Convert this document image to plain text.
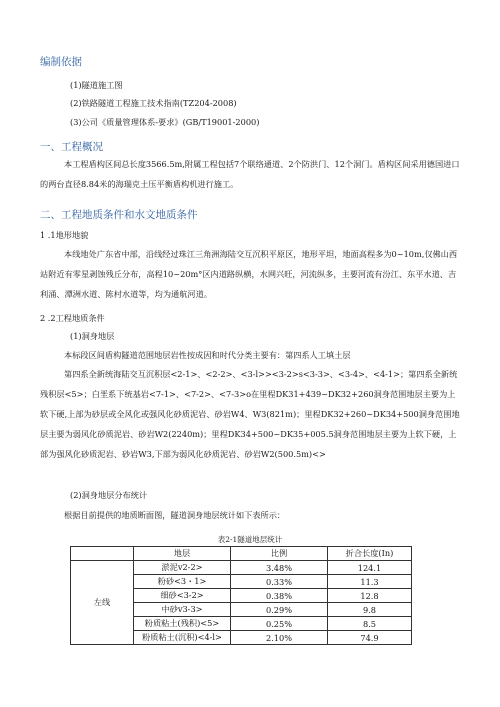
编制依据
(1)隧道施工图
(2)铁路隧道工程施工技术指南(TZ204-2008)
(3)公司《质量管理体系-要求》(GB/T19001-2000)
一、工程概况
本工程盾构区间总长度3566.5m,附属工程包括7个联络通道、2个防洪门、12个洞门。盾构区间采用德国进口的两台直径8.84米的海瑞克土压平衡盾构机进行施工。
二、工程地质条件和水文地质条件
1 .1地形地貌
本线地处广东省中部，沿线经过珠江三角洲海陆交互沉积平原区，地形平坦，地面高程多为0~10m,仅佛山西站附近有零星剥蚀残丘分布，高程10~20m°区内道路纵横，水网兴旺，河流纵多，主要河流有汾江、东平水道、吉利涌、潭洲水道、陈村水道等，均为通航河道。
2 .2工程地质条件
(1)洞身地层
本标段区间盾构隧道范围地层岩性按成因和时代分类主要有：第四系人工填土层
第四系全新统海陆交互沉积层<2-1>、<2-2>、<3-l>><3-2>s<3-3>、<3-4>、<4-1>；第四系全新统残积层<5>；白垩系下统基岩<7-1>、<7-2>、<7-3>o在里程DK31+439~DK32+260洞身范围地层主要为上软下硬,上部为砂层或全风化或强风化砂质泥岩、砂岩W4、W3(821m)；里程DK32+260~DK34+500洞身范围地层主要为弱风化砂质泥岩、砂岩W2(2240m)；里程DK34+500~DK35+005.5洞身范围地层主要为上软下硬，上部为强风化砂质泥岩、砂岩W3,下部为弱风化砂质泥岩、砂岩W2(500.5m)<>
(2)洞身地层分布统计
根据目前提供的地质断面图，隧道洞身地层统计如下表所示：
表2-1隧道地层统计
	地层	比例	折合长度(In)
左线	淤泥v2-2>	3.48%	124.1
	粉砂<3・1>	0.33%	11.3
	细砂<3-2>	0.38%	12.8
	中砂v3-3>	0.29%	9.8
	粉质粘土(残积)<5>	0.25%	8.5
	粉质粘土(沉积)<4-l>	2.10%	74.9
